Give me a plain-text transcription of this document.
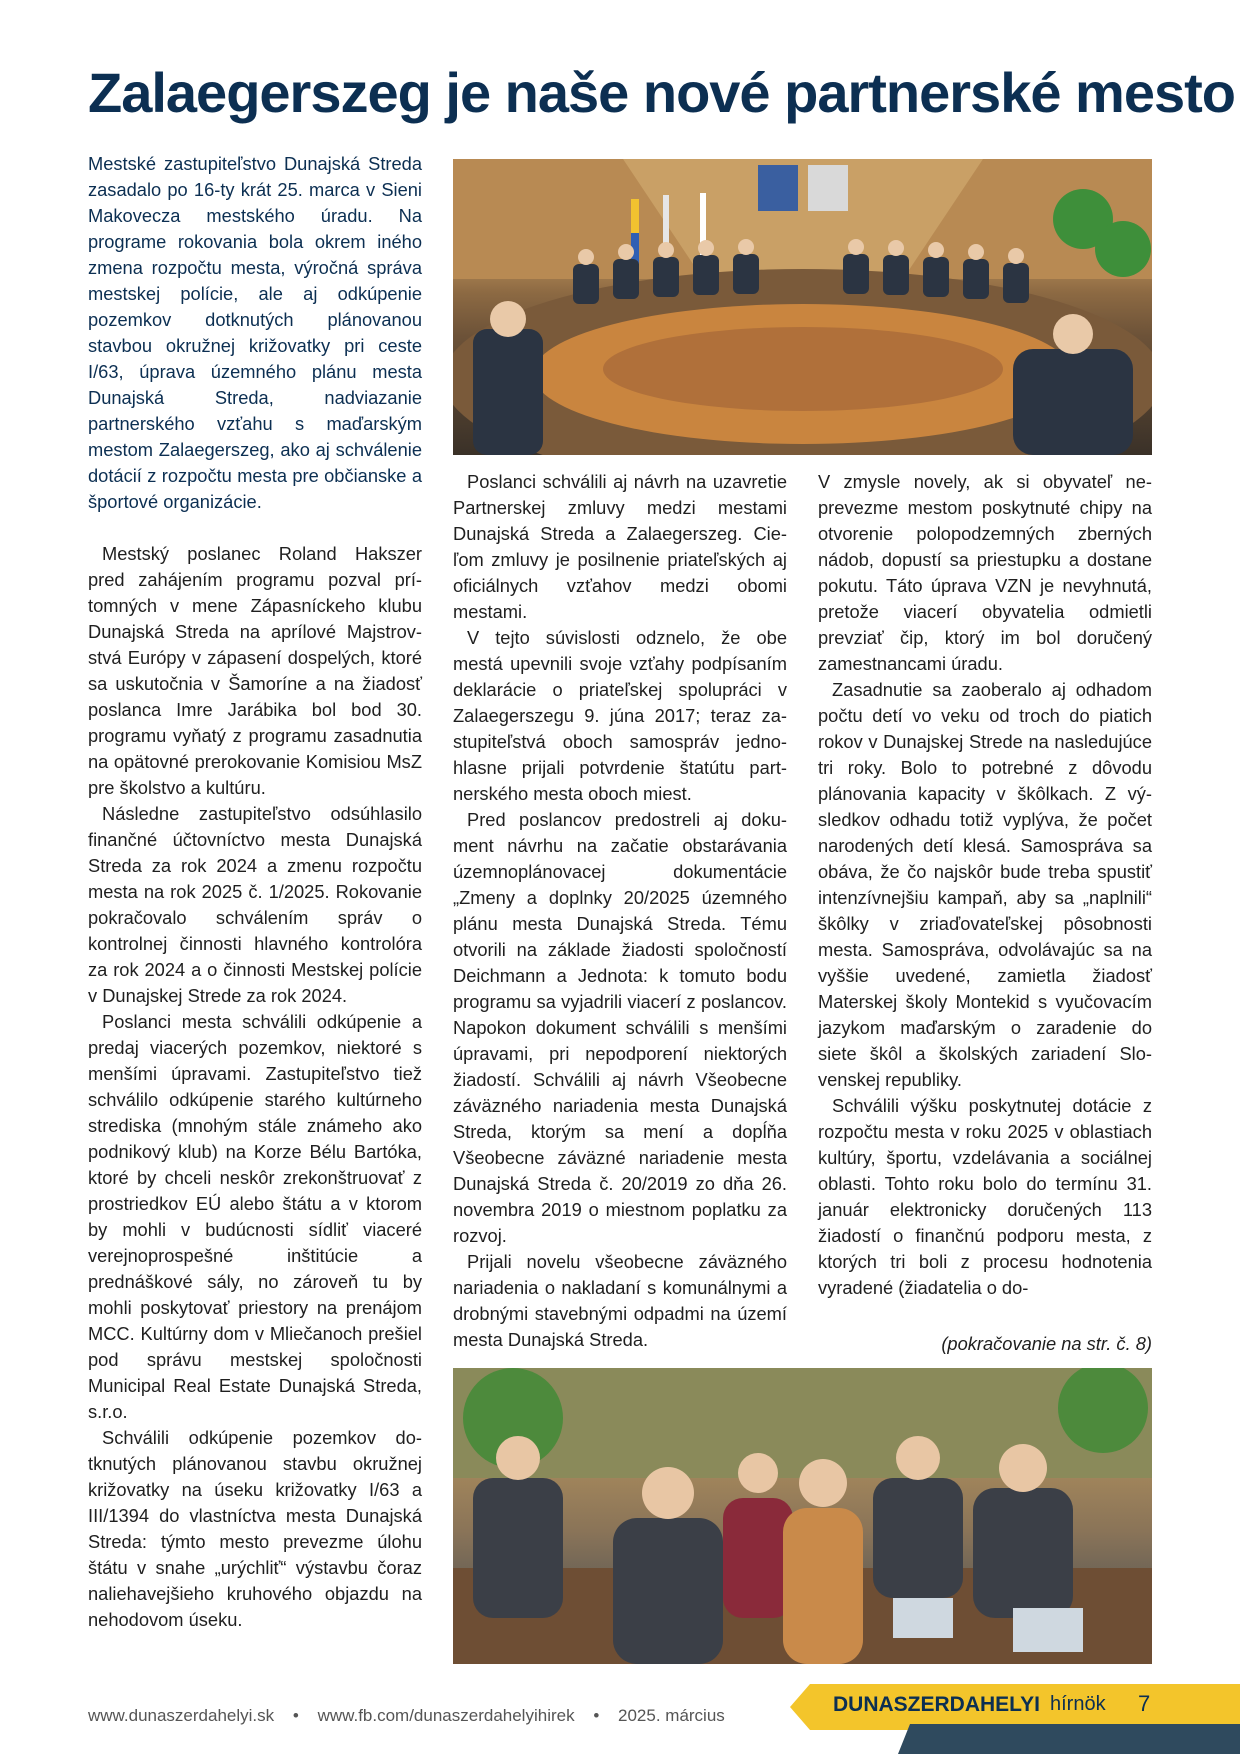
Zalaegerszeg je naše nové partnerské mesto

Mestské zastupiteľstvo Dunajská Streda zasadalo po 16-ty krát 25. marca v Sieni Makovecza mestského úradu. Na programe rokovania bola okrem iného zmena rozpočtu mesta, výročná správa mestskej polície, ale aj odkúpenie pozemkov dotknutých plánovanou stavbou okružnej križovatky pri ceste I/63, úprava územného plánu mesta Dunajská Streda, nadviazanie partnerského vzťahu s maďarským mestom Zalaegerszeg, ako aj schválenie dotácií z rozpočtu mesta pre občianske a športové organizácie.

Mestský poslanec Roland Hakszer pred zahájením programu pozval prítomných v mene Zápasníckeho klubu Dunajská Streda na aprílové Majstrovstvá Európy v zápasení dospelých, ktoré sa uskutočnia v Šamoríne a na žiadosť poslanca Imre Jarábika bol bod 30. programu vyňatý z programu zasadnutia na opätovné prerokovanie Komisiou MsZ pre školstvo a kultúru.

Následne zastupiteľstvo odsúhlasilo finančné účtovníctvo mesta Dunajská Streda za rok 2024 a zmenu rozpočtu mesta na rok 2025 č. 1/2025. Rokovanie pokračovalo schválením správ o kontrolnej činnosti hlavného kontrolóra za rok 2024 a o činnosti Mestskej polície v Dunajskej Strede za rok 2024.

Poslanci mesta schválili odkúpenie a predaj viacerých pozemkov, niektoré s menšími úpravami. Zastupiteľstvo tiež schválilo odkúpenie starého kultúrneho strediska (mnohým stále známeho ako podnikový klub) na Korze Bélu Bartóka, ktoré by chceli neskôr zrekonštruovať z prostriedkov EÚ alebo štátu a v ktorom by mohli v budúcnosti sídliť viaceré verejnoprospešné inštitúcie a prednáškové sály, no zároveň tu by mohli poskytovať priestory na prenájom MCC. Kultúrny dom v Mliečanoch prešiel pod správu mestskej spoločnosti Municipal Real Estate Dunajská Streda, s.r.o.

Schválili odkúpenie pozemkov dotknutých plánovanou stavbu okružnej križovatky na úseku križovatky I/63 a III/1394 do vlastníctva mesta Dunajská Streda: týmto mesto prevezme úlohu štátu v snahe „urýchliť“ výstavbu čoraz naliehavejšieho kruhového objazdu na nehodovom úseku.

Poslanci schválili aj návrh na uzavretie Partnerskej zmluvy medzi mestami Dunajská Streda a Zalaegerszeg. Cieľom zmluvy je posilnenie priateľských aj oficiálnych vzťahov medzi obomi mestami.

V tejto súvislosti odznelo, že obe mestá upevnili svoje vzťahy podpísaním deklarácie o priateľskej spolupráci v Zalaegerszegu 9. júna 2017; teraz zastupiteľstvá oboch samospráv jednohlasne prijali potvrdenie štatútu partnerského mesta oboch miest.

Pred poslancov predostreli aj dokument návrhu na začatie obstarávania územnoplánovacej dokumentácie „Zmeny a doplnky 20/2025 územného plánu mesta Dunajská Streda. Tému otvorili na základe žiadosti spoločností Deichmann a Jednota: k tomuto bodu programu sa vyjadrili viacerí z poslancov. Napokon dokument schválili s menšími úpravami, pri nepodporení niektorých žiadostí. Schválili aj návrh Všeobecne záväzného nariadenia mesta Dunajská Streda, ktorým sa mení a dopĺňa Všeobecne záväzné nariadenie mesta Dunajská Streda č. 20/2019 zo dňa 26. novembra 2019 o miestnom poplatku za rozvoj.

Prijali novelu všeobecne záväzného nariadenia o nakladaní s komunálnymi a drobnými stavebnými odpadmi na území mesta Dunajská Streda.

V zmysle novely, ak si obyvateľ neprevezme mestom poskytnuté chipy na otvorenie polopodzemných zberných nádob, dopustí sa priestupku a dostane pokutu. Táto úprava VZN je nevyhnutá, pretože viacerí obyvatelia odmietli prevziať čip, ktorý im bol doručený zamestnancami úradu.

Zasadnutie sa zaoberalo aj odhadom počtu detí vo veku od troch do piatich rokov v Dunajskej Strede na nasledujúce tri roky. Bolo to potrebné z dôvodu plánovania kapacity v škôlkach. Z výsledkov odhadu totiž vyplýva, že počet narodených detí klesá. Samospráva sa obáva, že čo najskôr bude treba spustiť intenzívnejšiu kampaň, aby sa „naplnili“ škôlky v zriaďovateľskej pôsobnosti mesta. Samospráva, odvolávajúc sa na vyššie uvedené, zamietla žiadosť Materskej školy Montekid s vyučovacím jazykom maďarským o zaradenie do siete škôl a školských zariadení Slovenskej republiky.

Schválili výšku poskytnutej dotácie z rozpočtu mesta v roku 2025 v oblastiach kultúry, športu, vzdelávania a sociálnej oblasti. Tohto roku bolo do termínu 31. január elektronicky doručených 113 žiadostí o finančnú podporu mesta, z ktorých tri boli z procesu hodnotenia vyradené (žiadatelia o do-

(pokračovanie na str. č. 8)
www.dunaszerdahelyi.sk • www.fb.com/dunaszerdahelyihirek • 2025. március	DUNASZERDAHELYI hírnök 7
